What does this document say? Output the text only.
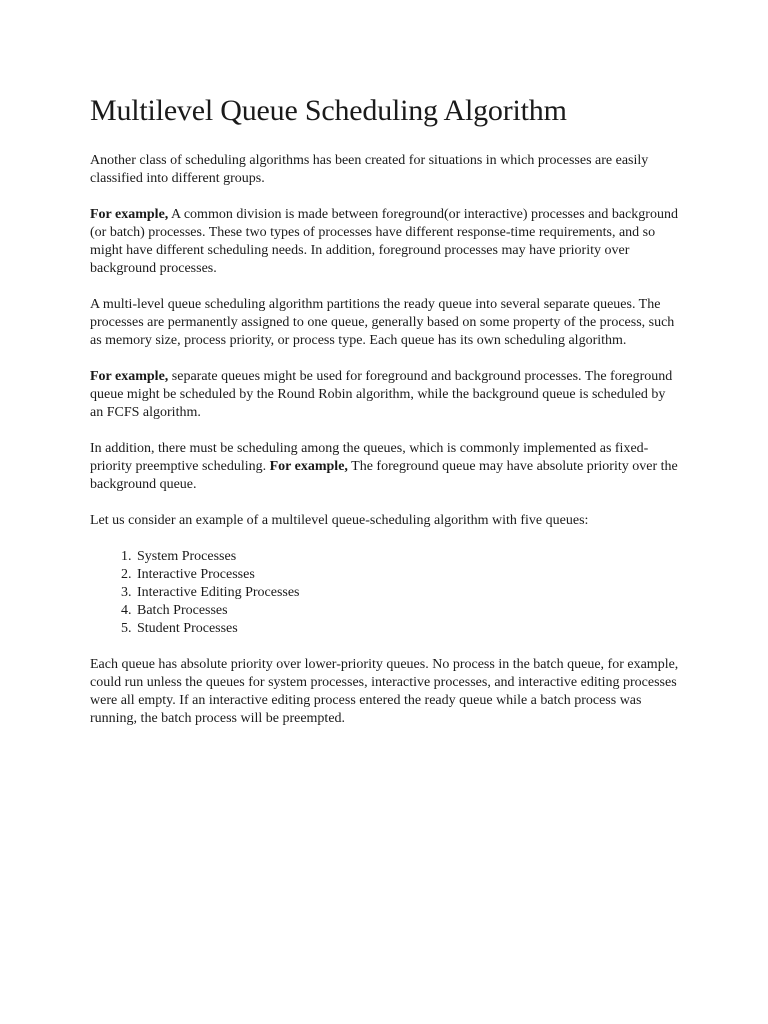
Multilevel Queue Scheduling Algorithm

Another class of scheduling algorithms has been created for situations in which processes are easily classified into different groups.

For example, A common division is made between foreground(or interactive) processes and background (or batch) processes. These two types of processes have different response-time requirements, and so might have different scheduling needs. In addition, foreground processes may have priority over background processes.

A multi-level queue scheduling algorithm partitions the ready queue into several separate queues. The processes are permanently assigned to one queue, generally based on some property of the process, such as memory size, process priority, or process type. Each queue has its own scheduling algorithm.

For example, separate queues might be used for foreground and background processes. The foreground queue might be scheduled by the Round Robin algorithm, while the background queue is scheduled by an FCFS algorithm.

In addition, there must be scheduling among the queues, which is commonly implemented as fixed-priority preemptive scheduling. For example, The foreground queue may have absolute priority over the background queue.

Let us consider an example of a multilevel queue-scheduling algorithm with five queues:

1. System Processes
2. Interactive Processes
3. Interactive Editing Processes
4. Batch Processes
5. Student Processes

Each queue has absolute priority over lower-priority queues. No process in the batch queue, for example, could run unless the queues for system processes, interactive processes, and interactive editing processes were all empty. If an interactive editing process entered the ready queue while a batch process was running, the batch process will be preempted.
